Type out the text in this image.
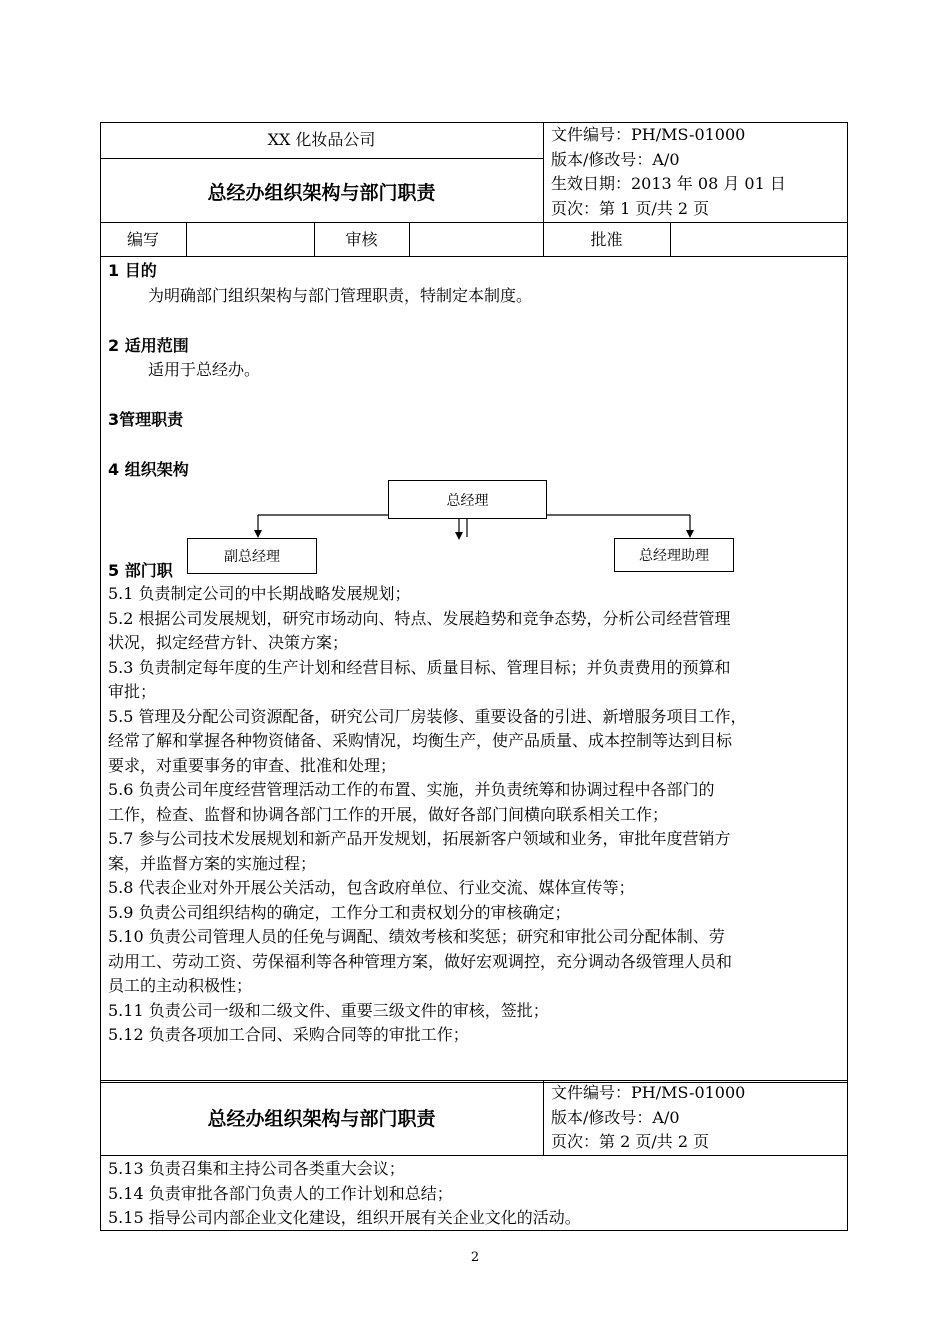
XX 化妆品公司
总经办组织架构与部门职责
文件编号：PH/MS-01000
版本/修改号：A/0
生效日期：2013 年 08 月 01 日
页次：第 1 页/共 2 页
编写	审核	批准
1 目的
为明确部门组织架构与部门管理职责，特制定本制度。
2 适用范围
适用于总经办。
3管理职责
4 组织架构
总经理
5 部门职
副总经理	总经理助理
5.1 负责制定公司的中长期战略发展规划；
5.2 根据公司发展规划，研究市场动向、特点、发展趋势和竞争态势，分析公司经营管理
状况，拟定经营方针、决策方案；
5.3 负责制定每年度的生产计划和经营目标、质量目标、管理目标；并负责费用的预算和
审批；
5.5 管理及分配公司资源配备，研究公司厂房装修、重要设备的引进、新增服务项目工作，
经常了解和掌握各种物资储备、采购情况，均衡生产，使产品质量、成本控制等达到目标
要求，对重要事务的审查、批准和处理；
5.6 负责公司年度经营管理活动工作的布置、实施，并负责统筹和协调过程中各部门的
工作，检查、监督和协调各部门工作的开展，做好各部门间横向联系相关工作；
5.7 参与公司技术发展规划和新产品开发规划，拓展新客户领域和业务，审批年度营销方
案，并监督方案的实施过程；
5.8 代表企业对外开展公关活动，包含政府单位、行业交流、媒体宣传等；
5.9 负责公司组织结构的确定，工作分工和责权划分的审核确定；
5.10 负责公司管理人员的任免与调配、绩效考核和奖惩；研究和审批公司分配体制、劳
动用工、劳动工资、劳保福利等各种管理方案，做好宏观调控，充分调动各级管理人员和
员工的主动积极性；
5.11 负责公司一级和二级文件、重要三级文件的审核，签批；
5.12 负责各项加工合同、采购合同等的审批工作；
总经办组织架构与部门职责
文件编号：PH/MS-01000
版本/修改号：A/0
页次：第 2 页/共 2 页
5.13 负责召集和主持公司各类重大会议；
5.14 负责审批各部门负责人的工作计划和总结；
5.15 指导公司内部企业文化建设，组织开展有关企业文化的活动。
2
